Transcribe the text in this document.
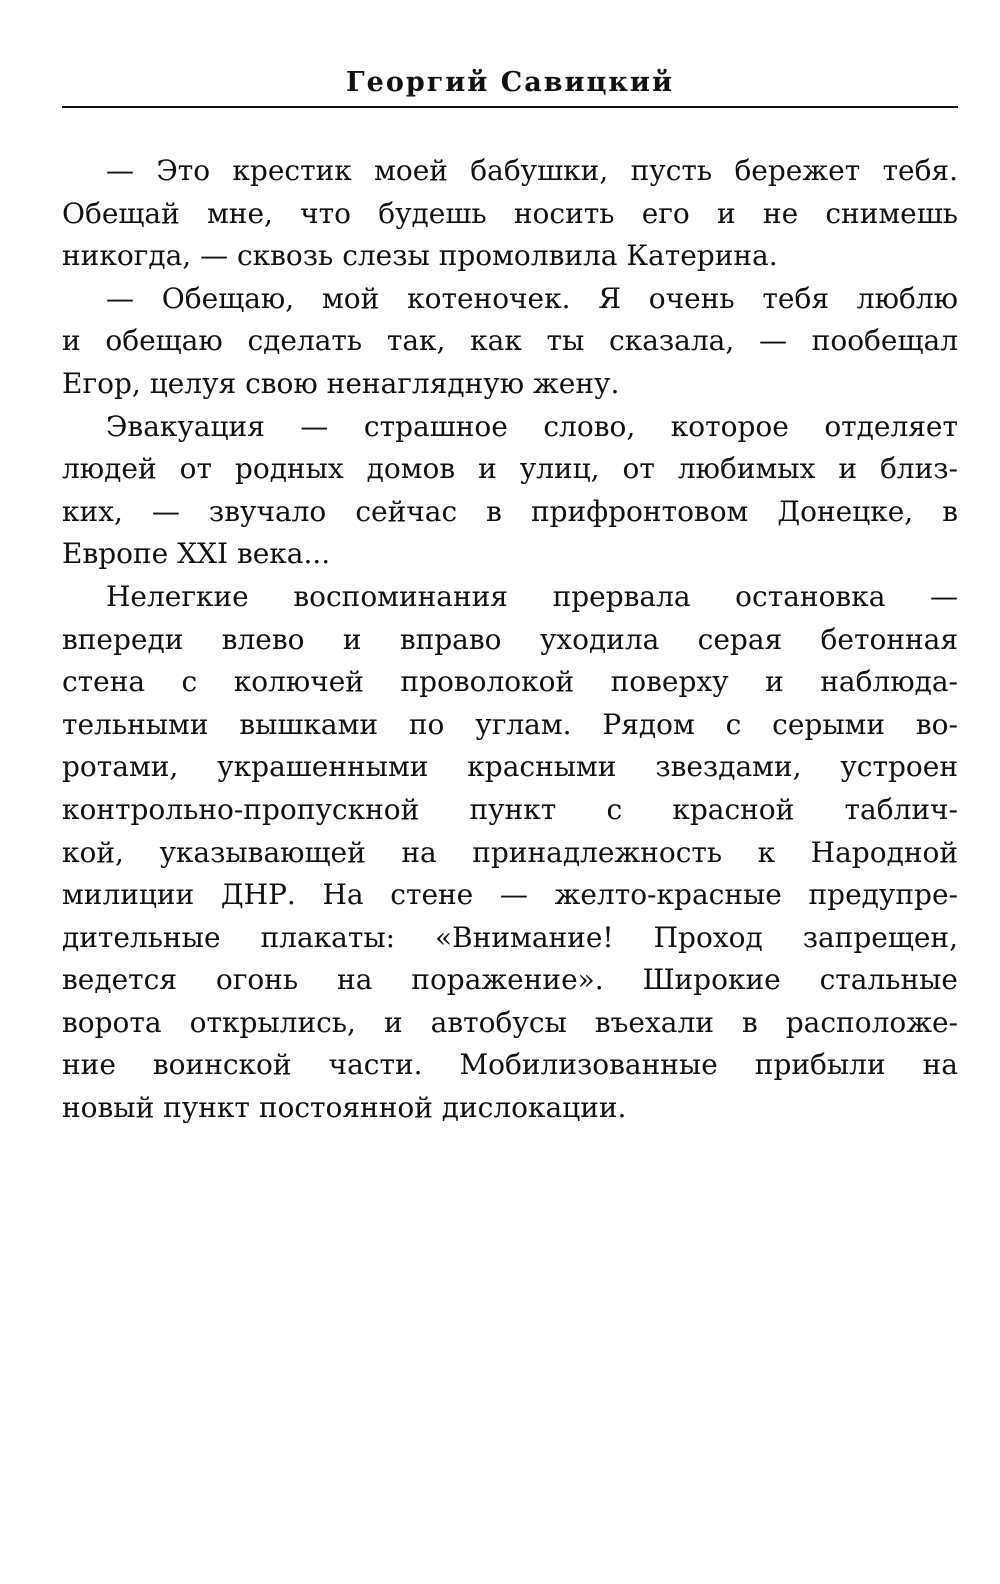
Георгий Савицкий
— Это крестик моей бабушки, пусть бережет тебя.
Обещай мне, что будешь носить его и не снимешь
никогда, — сквозь слезы промолвила Катерина.
— Обещаю, мой котеночек. Я очень тебя люблю
и обещаю сделать так, как ты сказала, — пообещал
Егор, целуя свою ненаглядную жену.
Эвакуация — страшное слово, которое отделяет
людей от родных домов и улиц, от любимых и близ-
ких, — звучало сейчас в прифронтовом Донецке, в
Европе XXI века...
Нелегкие воспоминания прервала остановка —
впереди влево и вправо уходила серая бетонная
стена с колючей проволокой поверху и наблюда-
тельными вышками по углам. Рядом с серыми во-
ротами, украшенными красными звездами, устроен
контрольно-пропускной пункт с красной таблич-
кой, указывающей на принадлежность к Народной
милиции ДНР. На стене — желто-красные предупре-
дительные плакаты: «Внимание! Проход запрещен,
ведется огонь на поражение». Широкие стальные
ворота открылись, и автобусы въехали в расположе-
ние воинской части. Мобилизованные прибыли на
новый пункт постоянной дислокации.
